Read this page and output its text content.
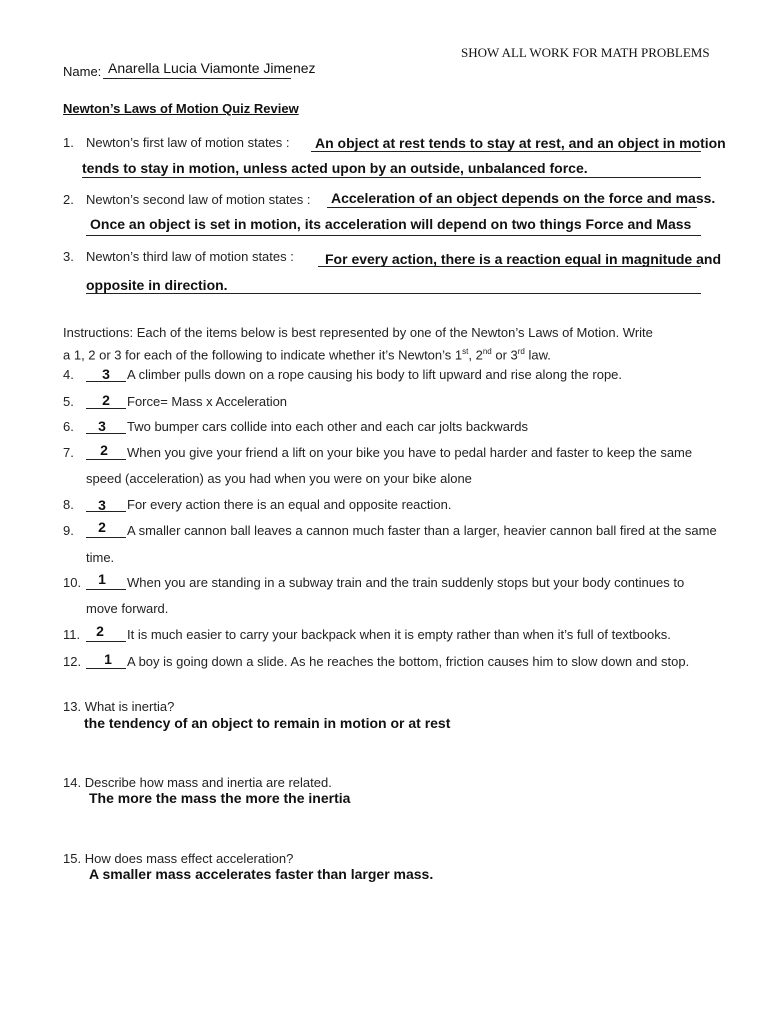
SHOW ALL WORK FOR MATH PROBLEMS
Name: Anarella Lucia Viamonte Jimenez
Newton’s Laws of Motion Quiz Review
1. Newton’s first law of motion states : An object at rest tends to stay at rest, and an object in motion
tends to stay in motion, unless acted upon by an outside, unbalanced force.
2. Newton’s second law of motion states : Acceleration of an object depends on the force and mass.
Once an object is set in motion, its acceleration will depend on two things Force and Mass
3. Newton’s third law of motion states : For every action, there is a reaction equal in magnitude and
opposite in direction.
Instructions: Each of the items below is best represented by one of the Newton’s Laws of Motion. Write
a 1, 2 or 3 for each of the following to indicate whether it’s Newton’s 1st, 2nd or 3rd law.
4.	3	A climber pulls down on a rope causing his body to lift upward and rise along the rope.
5.	2	Force= Mass x Acceleration
6.	3	Two bumper cars collide into each other and each car jolts backwards
7.	2	When you give your friend a lift on your bike you have to pedal harder and faster to keep the same
speed (acceleration) as you had when you were on your bike alone
8.	3	For every action there is an equal and opposite reaction.
9.	2	A smaller cannon ball leaves a cannon much faster than a larger, heavier cannon ball fired at the same
time.
10.	1	When you are standing in a subway train and the train suddenly stops but your body continues to
move forward.
11.	2	It is much easier to carry your backpack when it is empty rather than when it’s full of textbooks.
12.	1	A boy is going down a slide. As he reaches the bottom, friction causes him to slow down and stop.
13. What is inertia?
the tendency of an object to remain in motion or at rest
14. Describe how mass and inertia are related.
The more the mass the more the inertia
15. How does mass effect acceleration?
A smaller mass accelerates faster than larger mass.
